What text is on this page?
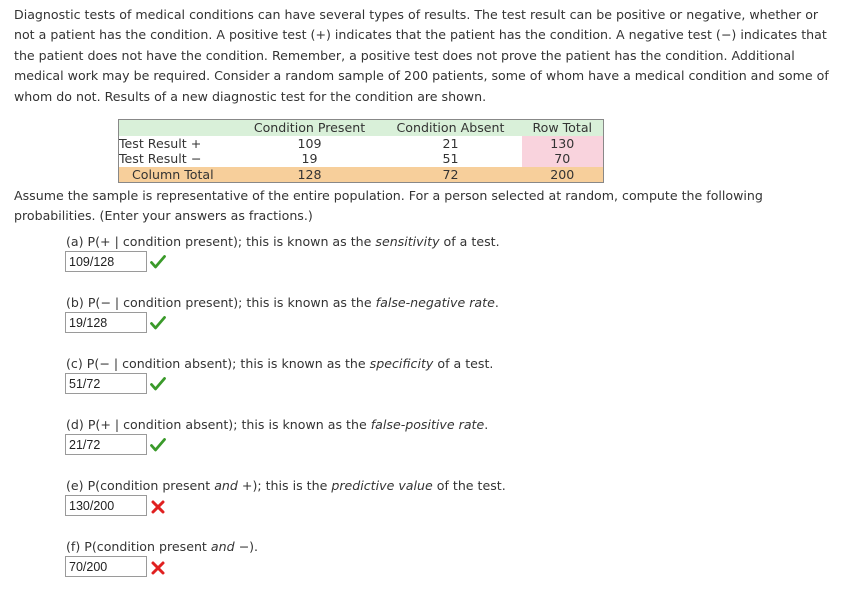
Diagnostic tests of medical conditions can have several types of results. The test result can be positive or negative, whether or not a patient has the condition. A positive test (+) indicates that the patient has the condition. A negative test (−) indicates that the patient does not have the condition. Remember, a positive test does not prove the patient has the condition. Additional medical work may be required. Consider a random sample of 200 patients, some of whom have a medical condition and some of whom do not. Results of a new diagnostic test for the condition are shown.

	Condition Present	Condition Absent	Row Total
Test Result +	109	21	130
Test Result −	19	51	70
Column Total	128	72	200

Assume the sample is representative of the entire population. For a person selected at random, compute the following probabilities. (Enter your answers as fractions.)

(a) P(+ | condition present); this is known as the sensitivity of a test.
109/128
(b) P(− | condition present); this is known as the false-negative rate.
19/128
(c) P(− | condition absent); this is known as the specificity of a test.
51/72
(d) P(+ | condition absent); this is known as the false-positive rate.
21/72
(e) P(condition present and +); this is the predictive value of the test.
130/200
(f) P(condition present and −).
70/200
